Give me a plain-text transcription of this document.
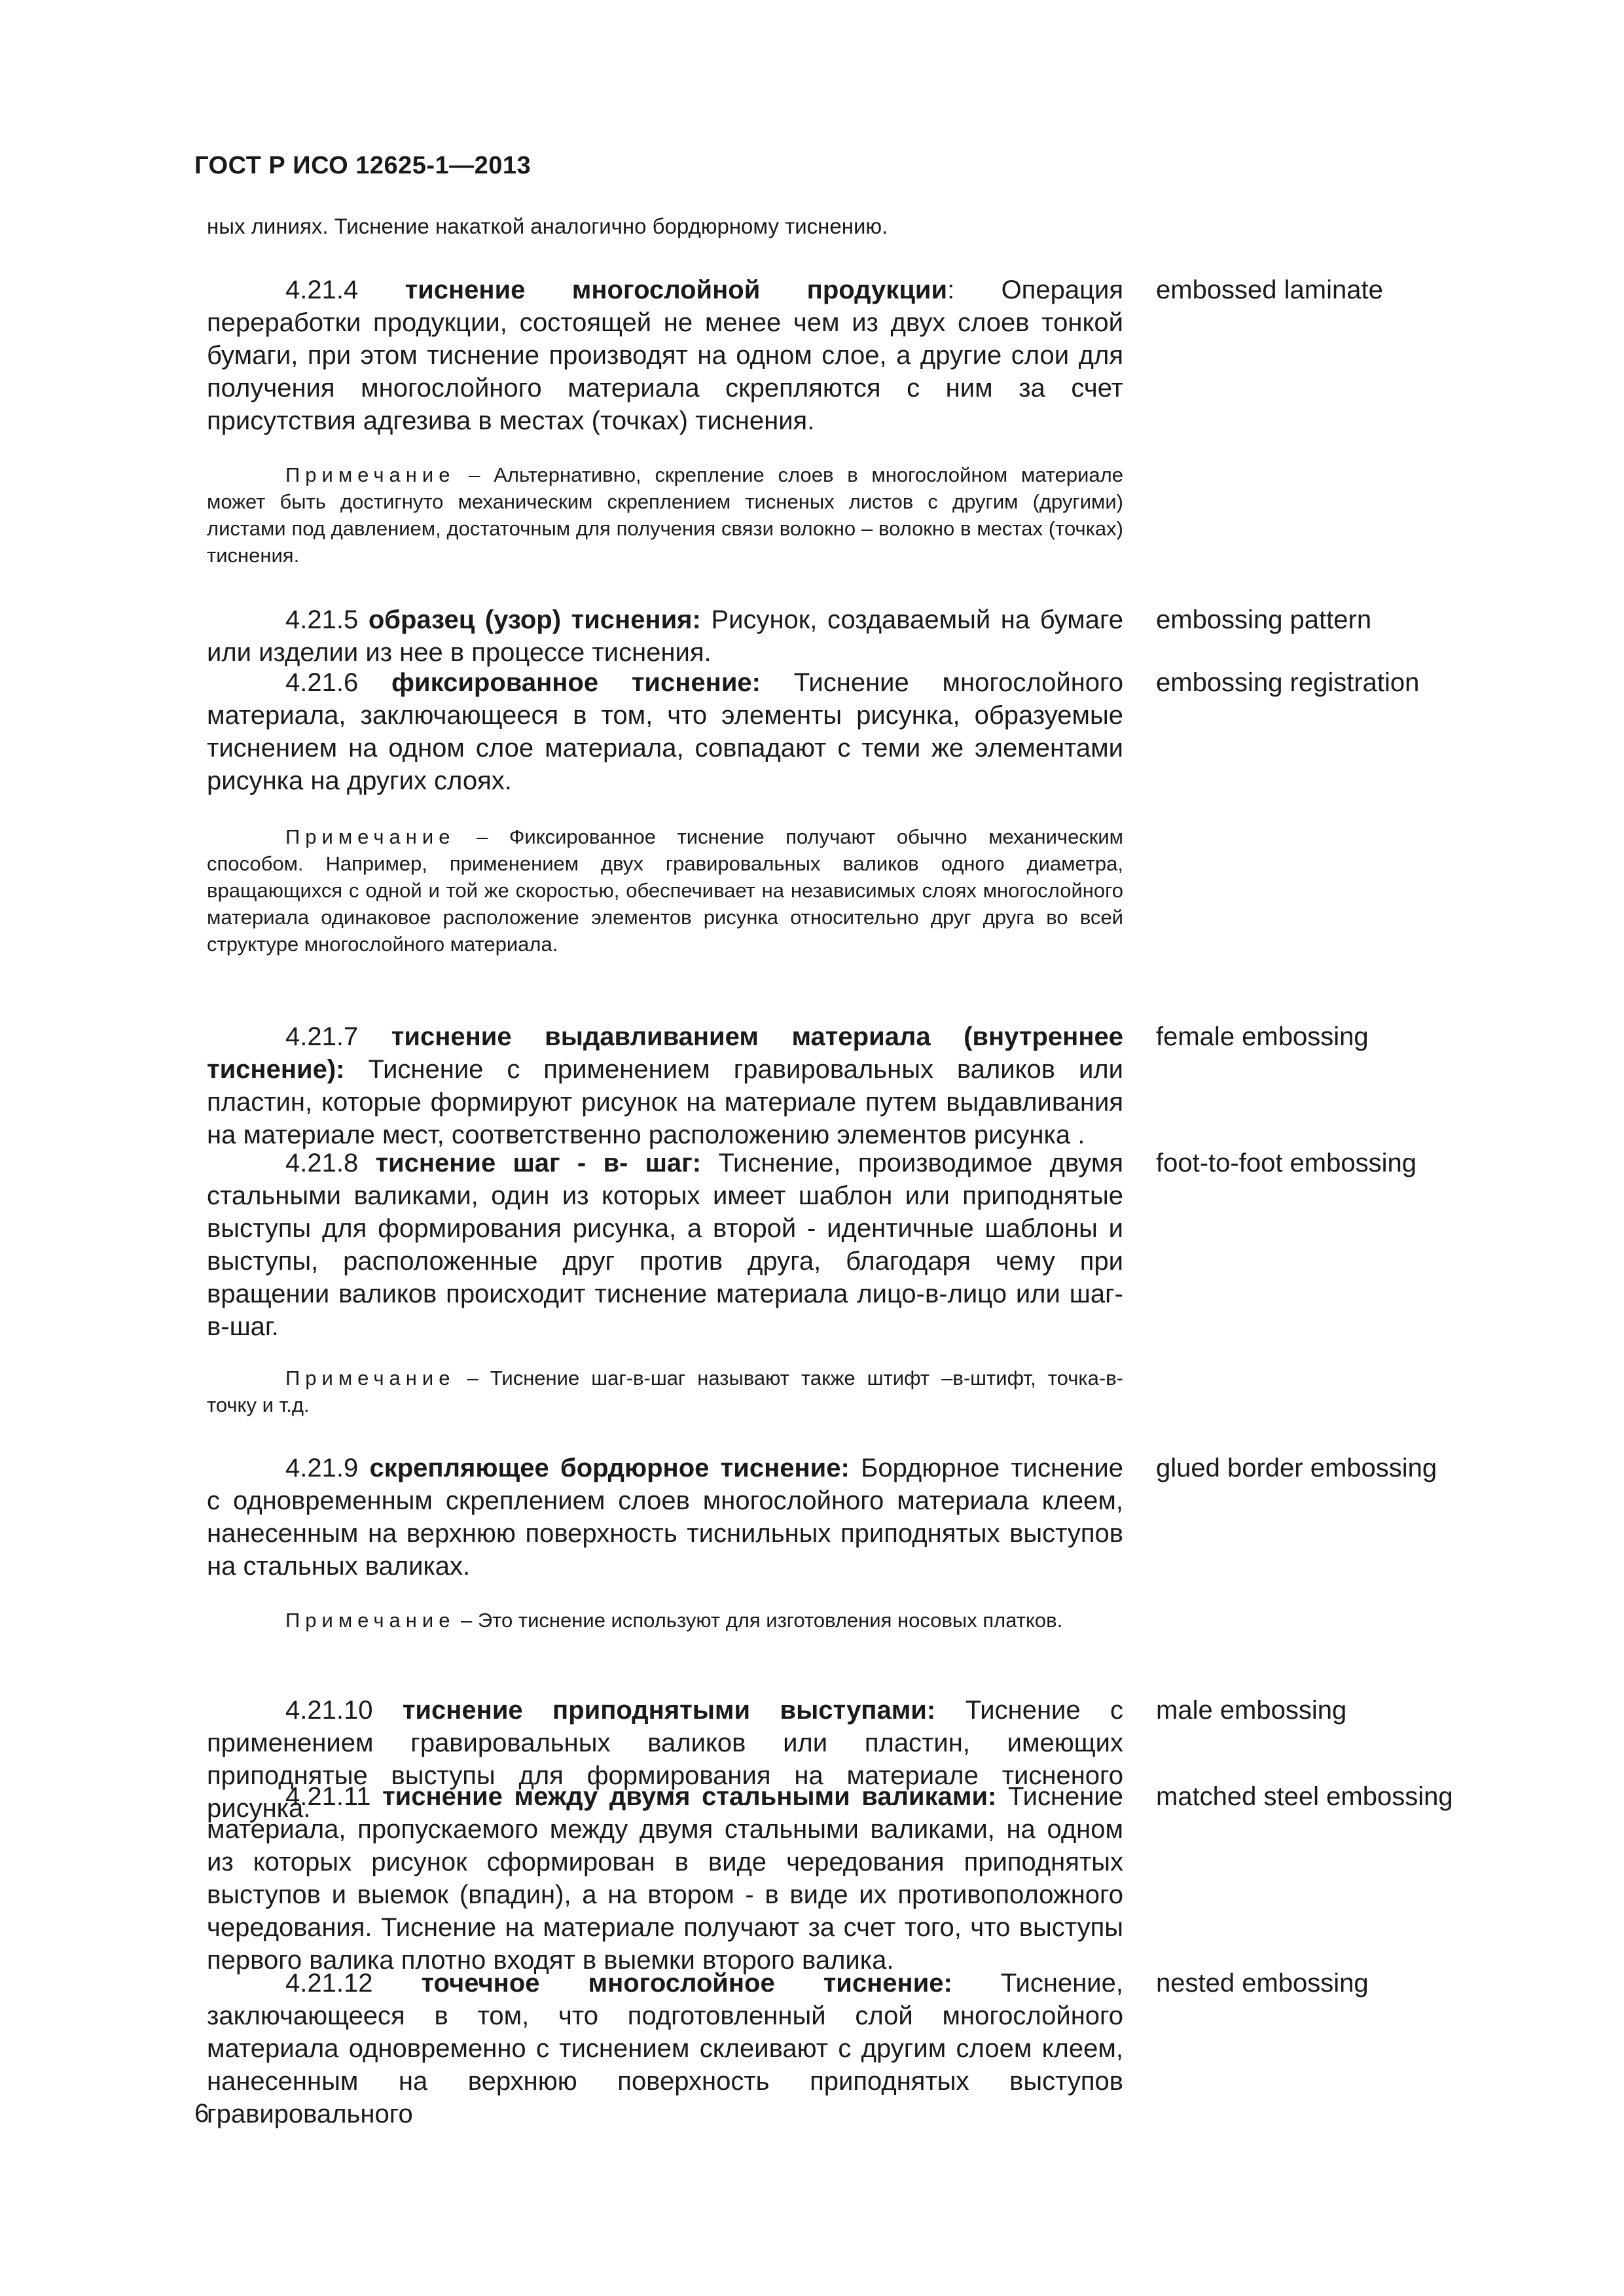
ГОСТ Р ИСО 12625-1—2013
ных линиях. Тиснение накаткой аналогично бордюрному тиснению.
4.21.4 тиснение многослойной продукции: Операция переработки продукции, состоящей не менее чем из двух слоев тонкой бумаги, при этом тиснение производят на одном слое, а другие слои для получения многослойного материала скрепляются с ним за счет присутствия адгезива в местах (точках) тиснения.
embossed laminate
Примечание – Альтернативно, скрепление слоев в многослойном материале может быть достигнуто механическим скреплением тисненых листов с другим (другими) листами под давлением, достаточным для получения связи волокно – волокно в местах (точках) тиснения.
4.21.5 образец (узор) тиснения: Рисунок, создаваемый на бумаге или изделии из нее в процессе тиснения.
embossing pattern
4.21.6 фиксированное тиснение: Тиснение многослойного материала, заключающееся в том, что элементы рисунка, образуемые тиснением на одном слое материала, совпадают с теми же элементами рисунка на других слоях.
embossing registration
Примечание – Фиксированное тиснение получают обычно механическим способом. Например, применением двух гравировальных валиков одного диаметра, вращающихся с одной и той же скоростью, обеспечивает на независимых слоях многослойного материала одинаковое расположение элементов рисунка относительно друг друга во всей структуре многослойного материала.
4.21.7 тиснение выдавливанием материала (внутреннее тиснение): Тиснение с применением гравировальных валиков или пластин, которые формируют рисунок на материале путем выдавливания на материале мест, соответственно расположению элементов рисунка .
female embossing
4.21.8 тиснение шаг - в- шаг: Тиснение, производимое двумя стальными валиками, один из которых имеет шаблон или приподнятые выступы для формирования рисунка, а второй - идентичные шаблоны и выступы, расположенные друг против друга, благодаря чему при вращении валиков происходит тиснение материала лицо-в-лицо или шаг-в-шаг.
foot-to-foot embossing
Примечание – Тиснение шаг-в-шаг называют также штифт –в-штифт, точка-в-точку и т.д.
4.21.9 скрепляющее бордюрное тиснение: Бордюрное тиснение с одновременным скреплением слоев многослойного материала клеем, нанесенным на верхнюю поверхность тиснильных приподнятых выступов на стальных валиках.
glued border embossing
Примечание – Это тиснение используют для изготовления носовых платков.
4.21.10 тиснение приподнятыми выступами: Тиснение с применением гравировальных валиков или пластин, имеющих приподнятые выступы для формирования на материале тисненого рисунка.
male embossing
4.21.11 тиснение между двумя стальными валиками: Тиснение материала, пропускаемого между двумя стальными валиками, на одном из которых рисунок сформирован в виде чередования приподнятых выступов и выемок (впадин), а на втором - в виде их противоположного чередования. Тиснение на материале получают за счет того, что выступы первого валика плотно входят в выемки второго валика.
matched steel embossing
4.21.12 точечное многослойное тиснение: Тиснение, заключающееся в том, что подготовленный слой многослойного материала одновременно с тиснением склеивают с другим слоем клеем, нанесенным на верхнюю поверхность приподнятых выступов гравировального
nested embossing
6
